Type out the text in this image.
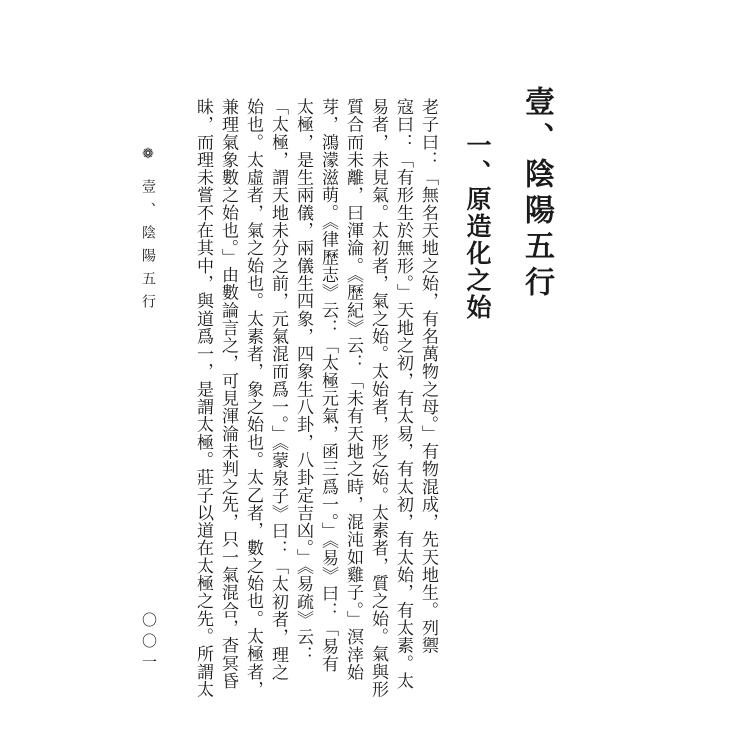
壹、陰陽五行
一、原造化之始
老子曰：「無名天地之始，有名萬物之母。」有物混成，先天地生。列禦
寇曰：「有形生於無形。」天地之初，有太易，有太初，有太始，有太素。太
易者，未見氣。太初者，氣之始。太始者，形之始。太素者，質之始。氣與形
質合而未離，曰渾淪。《歷紀》云：「未有天地之時，混沌如雞子。」溟涬始
芽，鴻濛滋萌。《律歷志》云：「太極元氣，函三爲一。」《易》曰：「易有
太極，是生兩儀，兩儀生四象，四象生八卦，八卦定吉凶。」《易疏》云：
「太極，謂天地未分之前，元氣混而爲一。」《蒙泉子》曰：「太初者，理之
始也。太虛者，氣之始也。太素者，象之始也。太乙者，數之始也。太極者，
兼理氣象數之始也。」由數論言之，可見渾淪未判之先，只一氣混合，杳冥昏
昧，而理未嘗不在其中，與道爲一，是謂太極。莊子以道在太極之先。所謂太
❁壹、陰陽五行
〇〇一
